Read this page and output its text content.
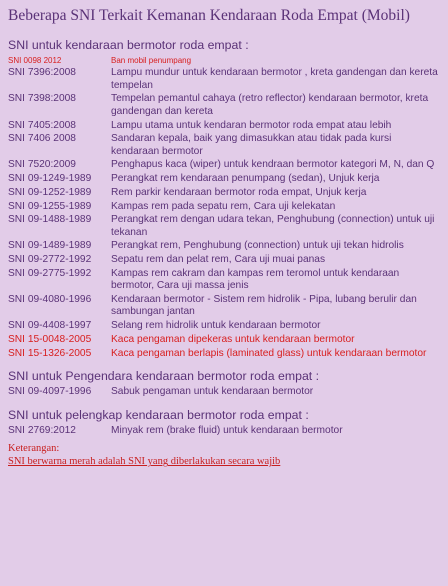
Beberapa SNI Terkait Kemanan Kendaraan Roda Empat (Mobil)
SNI untuk kendaraan bermotor roda empat :
SNI 0098 2012	Ban mobil penumpang
SNI 7396:2008	Lampu mundur untuk kendaraan bermotor , kreta gandengan dan kereta tempelan
SNI 7398:2008	Tempelan pemantul cahaya (retro reflector) kendaraan bermotor, kreta gandengan dan kereta
SNI 7405:2008	Lampu utama untuk kendaran bermotor roda empat atau lebih
SNI 7406 2008	Sandaran kepala, baik yang dimasukkan atau tidak pada kursi kendaraan bermotor
SNI 7520:2009	Penghapus kaca (wiper) untuk kendraan bermotor kategori M, N, dan Q
SNI 09-1249-1989	Perangkat rem kendaraan penumpang (sedan), Unjuk kerja
SNI 09-1252-1989	Rem parkir kendaraan bermotor roda empat, Unjuk kerja
SNI 09-1255-1989	Kampas rem pada sepatu rem, Cara uji kelekatan
SNI 09-1488-1989	Perangkat rem dengan udara tekan, Penghubung (connection) untuk uji tekanan
SNI 09-1489-1989	Perangkat rem, Penghubung (connection) untuk uji tekan hidrolis
SNI 09-2772-1992	Sepatu rem dan pelat rem, Cara uji muai panas
SNI 09-2775-1992	Kampas rem cakram dan kampas rem teromol untuk kendaraan bermotor, Cara uji massa jenis
SNI 09-4080-1996	Kendaraan bermotor - Sistem rem hidrolik - Pipa, lubang berulir dan sambungan jantan
SNI 09-4408-1997	Selang rem hidrolik untuk kendaraan bermotor
SNI 15-0048-2005	Kaca pengaman dipekeras untuk kendaraan bermotor
SNI 15-1326-2005	Kaca pengaman berlapis (laminated glass) untuk kendaraan bermotor
SNI untuk Pengendara kendaraan bermotor roda empat :
SNI 09-4097-1996	Sabuk pengaman untuk kendaraan bermotor
SNI untuk pelengkap kendaraan bermotor roda empat :
SNI 2769:2012	Minyak rem (brake fluid) untuk kendaraan bermotor
Keterangan:
SNI berwarna merah adalah SNI yang diberlakukan secara wajib
